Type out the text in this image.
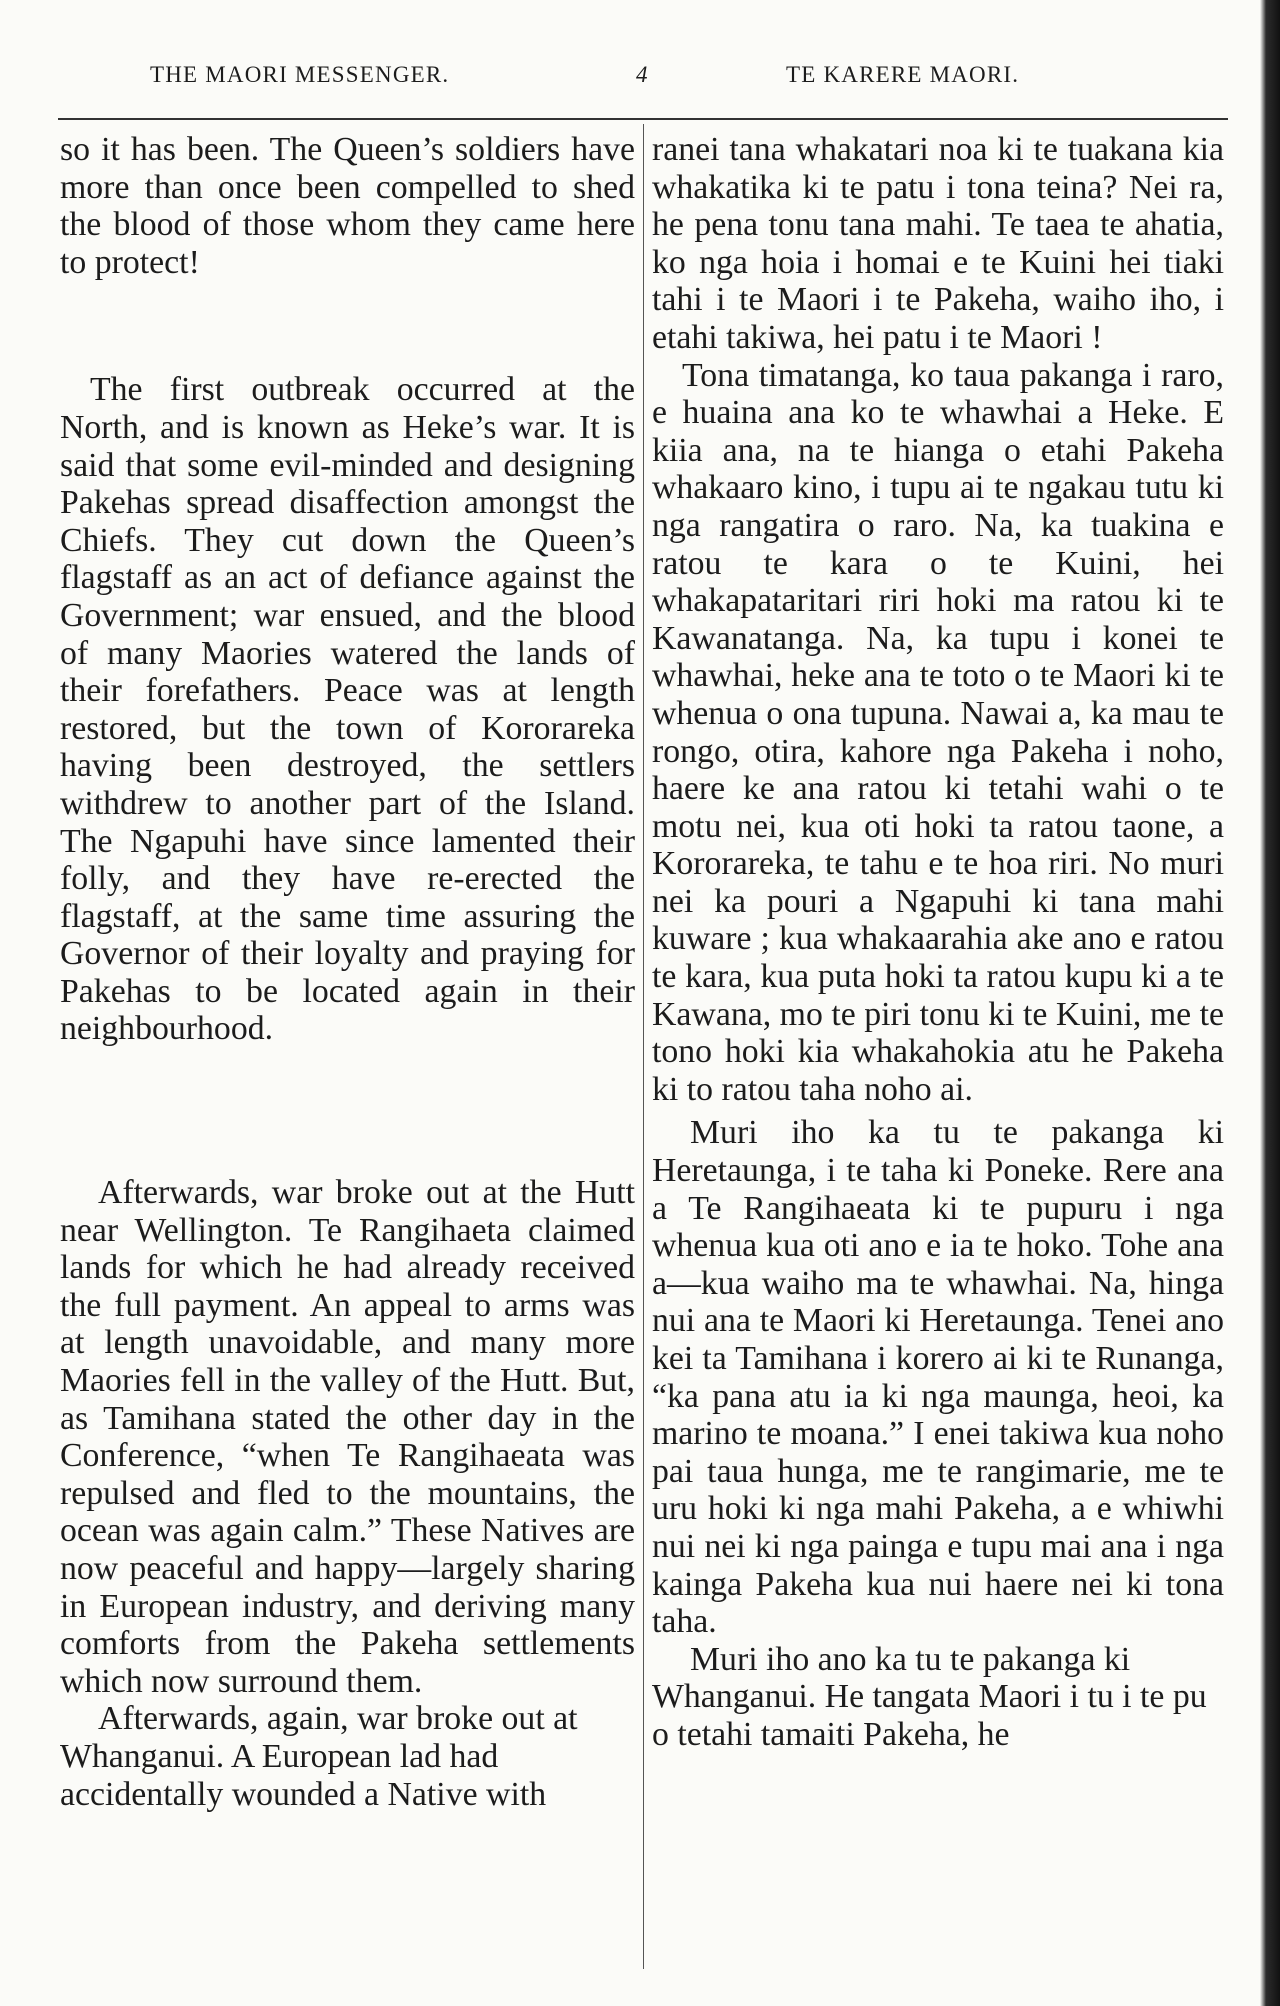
THE MAORI MESSENGER.	4	TE KARERE MAORI.

so it has been. The Queen’s soldiers have more than once been compelled to shed the blood of those whom they came here to protect!

The first outbreak occurred at the North, and is known as Heke’s war. It is said that some evil-minded and designing Pakehas spread disaffection amongst the Chiefs. They cut down the Queen’s flagstaff as an act of defiance against the Government; war ensued, and the blood of many Maories watered the lands of their forefathers. Peace was at length restored, but the town of Kororareka having been destroyed, the settlers withdrew to another part of the Island. The Ngapuhi have since lamented their folly, and they have re-erected the flagstaff, at the same time assuring the Governor of their loyalty and praying for Pakehas to be located again in their neighbourhood.

Afterwards, war broke out at the Hutt near Wellington. Te Rangihaeta claimed lands for which he had already received the full payment. An appeal to arms was at length unavoidable, and many more Maories fell in the valley of the Hutt. But, as Tamihana stated the other day in the Conference, “when Te Rangihaeata was repulsed and fled to the mountains, the ocean was again calm.” These Natives are now peaceful and happy—largely sharing in European industry, and deriving many comforts from the Pakeha settlements which now surround them.

Afterwards, again, war broke out at Whanganui. A European lad had accidentally wounded a Native with

ranei tana whakatari noa ki te tuakana kia whakatika ki te patu i tona teina? Nei ra, he pena tonu tana mahi. Te taea te ahatia, ko nga hoia i homai e te Kuini hei tiaki tahi i te Maori i te Pakeha, waiho iho, i etahi takiwa, hei patu i te Maori !

Tona timatanga, ko taua pakanga i raro, e huaina ana ko te whawhai a Heke. E kiia ana, na te hianga o etahi Pakeha whakaaro kino, i tupu ai te ngakau tutu ki nga rangatira o raro. Na, ka tuakina e ratou te kara o te Kuini, hei whakapataritari riri hoki ma ratou ki te Kawanatanga. Na, ka tupu i konei te whawhai, heke ana te toto o te Maori ki te whenua o ona tupuna. Nawai a, ka mau te rongo, otira, kahore nga Pakeha i noho, haere ke ana ratou ki tetahi wahi o te motu nei, kua oti hoki ta ratou taone, a Kororareka, te tahu e te hoa riri. No muri nei ka pouri a Ngapuhi ki tana mahi kuware ; kua whakaarahia ake ano e ratou te kara, kua puta hoki ta ratou kupu ki a te Kawana, mo te piri tonu ki te Kuini, me te tono hoki kia whakahokia atu he Pakeha ki to ratou taha noho ai.

Muri iho ka tu te pakanga ki Heretaunga, i te taha ki Poneke. Rere ana a Te Rangihaeata ki te pupuru i nga whenua kua oti ano e ia te hoko. Tohe ana a—kua waiho ma te whawhai. Na, hinga nui ana te Maori ki Heretaunga. Tenei ano kei ta Tamihana i korero ai ki te Runanga, “ka pana atu ia ki nga maunga, heoi, ka marino te moana.” I enei takiwa kua noho pai taua hunga, me te rangimarie, me te uru hoki ki nga mahi Pakeha, a e whiwhi nui nei ki nga painga e tupu mai ana i nga kainga Pakeha kua nui haere nei ki tona taha.

Muri iho ano ka tu te pakanga ki Whanganui. He tangata Maori i tu i te pu o tetahi tamaiti Pakeha, he
